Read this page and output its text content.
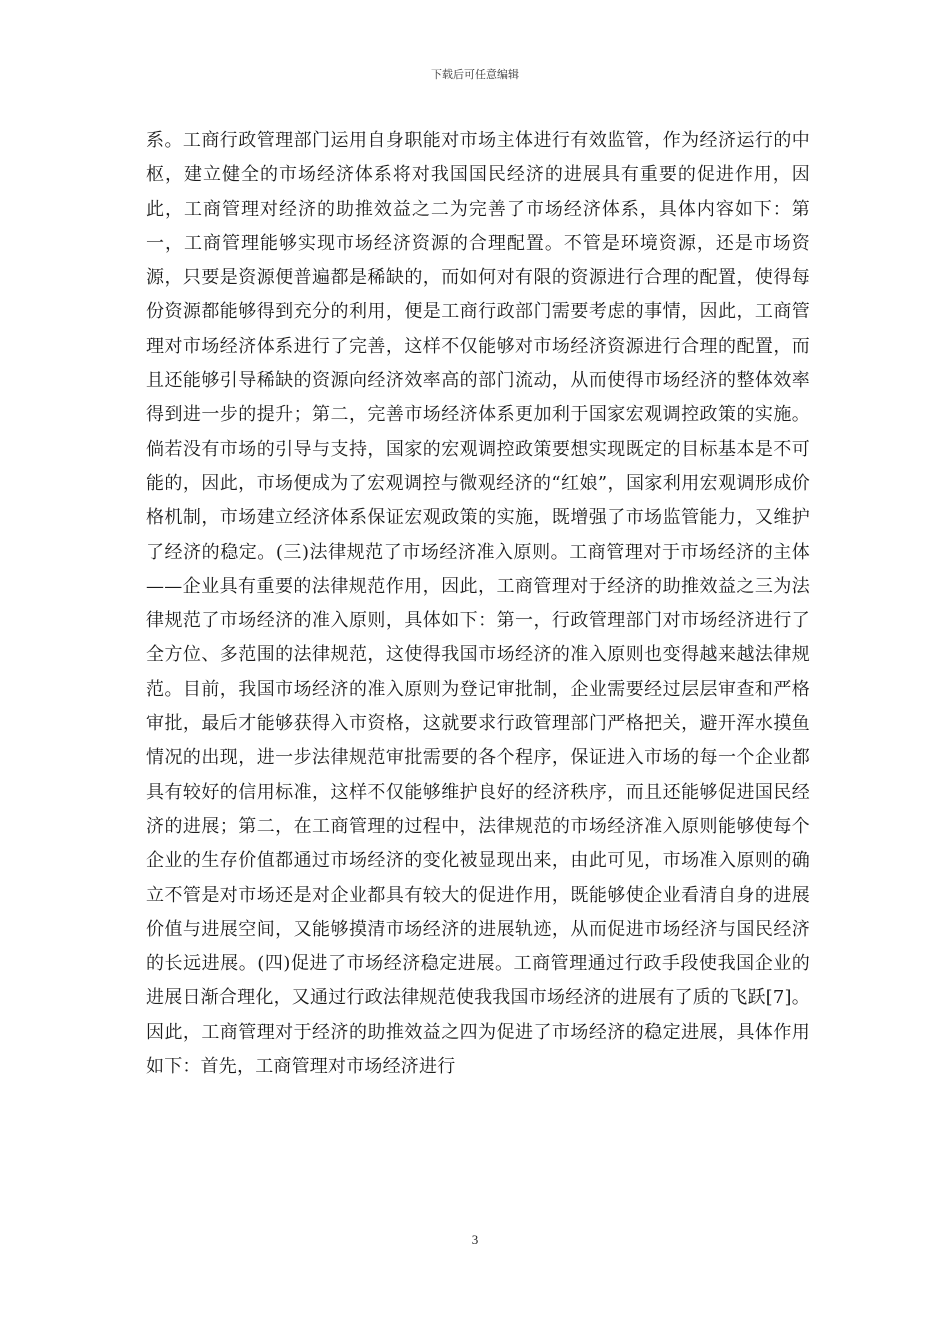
下载后可任意编辑

系。工商行政管理部门运用自身职能对市场主体进行有效监管，作为经济运行的中枢，建立健全的市场经济体系将对我国国民经济的进展具有重要的促进作用，因此，工商管理对经济的助推效益之二为完善了市场经济体系，具体内容如下：第一，工商管理能够实现市场经济资源的合理配置。不管是环境资源，还是市场资源，只要是资源便普遍都是稀缺的，而如何对有限的资源进行合理的配置，使得每份资源都能够得到充分的利用，便是工商行政部门需要考虑的事情，因此，工商管理对市场经济体系进行了完善，这样不仅能够对市场经济资源进行合理的配置，而且还能够引导稀缺的资源向经济效率高的部门流动，从而使得市场经济的整体效率得到进一步的提升；第二，完善市场经济体系更加利于国家宏观调控政策的实施。倘若没有市场的引导与支持，国家的宏观调控政策要想实现既定的目标基本是不可能的，因此，市场便成为了宏观调控与微观经济的“红娘”，国家利用宏观调形成价格机制，市场建立经济体系保证宏观政策的实施，既增强了市场监管能力，又维护了经济的稳定。(三)法律规范了市场经济准入原则。工商管理对于市场经济的主体——企业具有重要的法律规范作用，因此，工商管理对于经济的助推效益之三为法律规范了市场经济的准入原则，具体如下：第一，行政管理部门对市场经济进行了全方位、多范围的法律规范，这使得我国市场经济的准入原则也变得越来越法律规范。目前，我国市场经济的准入原则为登记审批制，企业需要经过层层审查和严格审批，最后才能够获得入市资格，这就要求行政管理部门严格把关，避开浑水摸鱼情况的出现，进一步法律规范审批需要的各个程序，保证进入市场的每一个企业都具有较好的信用标准，这样不仅能够维护良好的经济秩序，而且还能够促进国民经济的进展；第二，在工商管理的过程中，法律规范的市场经济准入原则能够使每个企业的生存价值都通过市场经济的变化被显现出来，由此可见，市场准入原则的确立不管是对市场还是对企业都具有较大的促进作用，既能够使企业看清自身的进展价值与进展空间，又能够摸清市场经济的进展轨迹，从而促进市场经济与国民经济的长远进展。(四)促进了市场经济稳定进展。工商管理通过行政手段使我国企业的进展日渐合理化，又通过行政法律规范使我我国市场经济的进展有了质的飞跃[7]。因此，工商管理对于经济的助推效益之四为促进了市场经济的稳定进展，具体作用如下：首先，工商管理对市场经济进行

3
